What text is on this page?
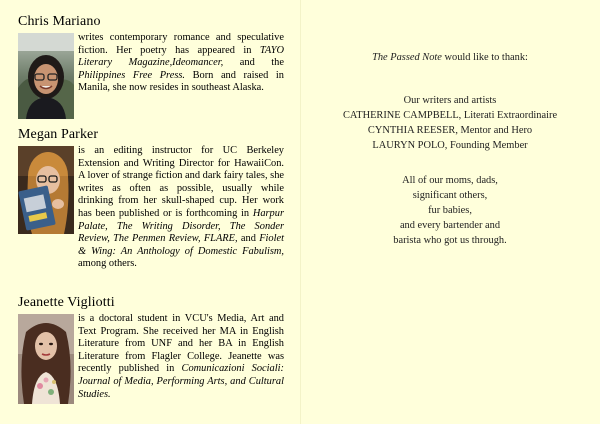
Chris Mariano

writes contemporary romance and speculative fiction. Her poetry has appeared in TAYO Literary Magazine,Ideomancer, and the Philippines Free Press. Born and raised in Manila, she now resides in southeast Alaska.

Megan Parker

is an editing instructor for UC Berkeley Extension and Writing Director for HawaiiCon. A lover of strange fiction and dark fairy tales, she writes as often as possible, usually while drinking from her skull-shaped cup. Her work has been published or is forthcoming in Harpur Palate, The Writing Disorder, The Sonder Review, The Penmen Review, FLARE, and Fiolet & Wing: An Anthology of Domestic Fabulism, among others.

Jeanette Vigliotti

is a doctoral student in VCU's Media, Art and Text Program. She received her MA in English Literature from UNF and her BA in English Literature from Flagler College. Jeanette was recently published in Comunicazioni Sociali: Journal of Media, Performing Arts, and Cultural Studies.

The Passed Note would like to thank:

Our writers and artists

CATHERINE CAMPBELL, Literati Extraordinaire

CYNTHIA REESER, Mentor and Hero

LAURYN POLO, Founding Member

All of our moms, dads,

significant others,

fur babies,

and every bartender and

barista who got us through.
